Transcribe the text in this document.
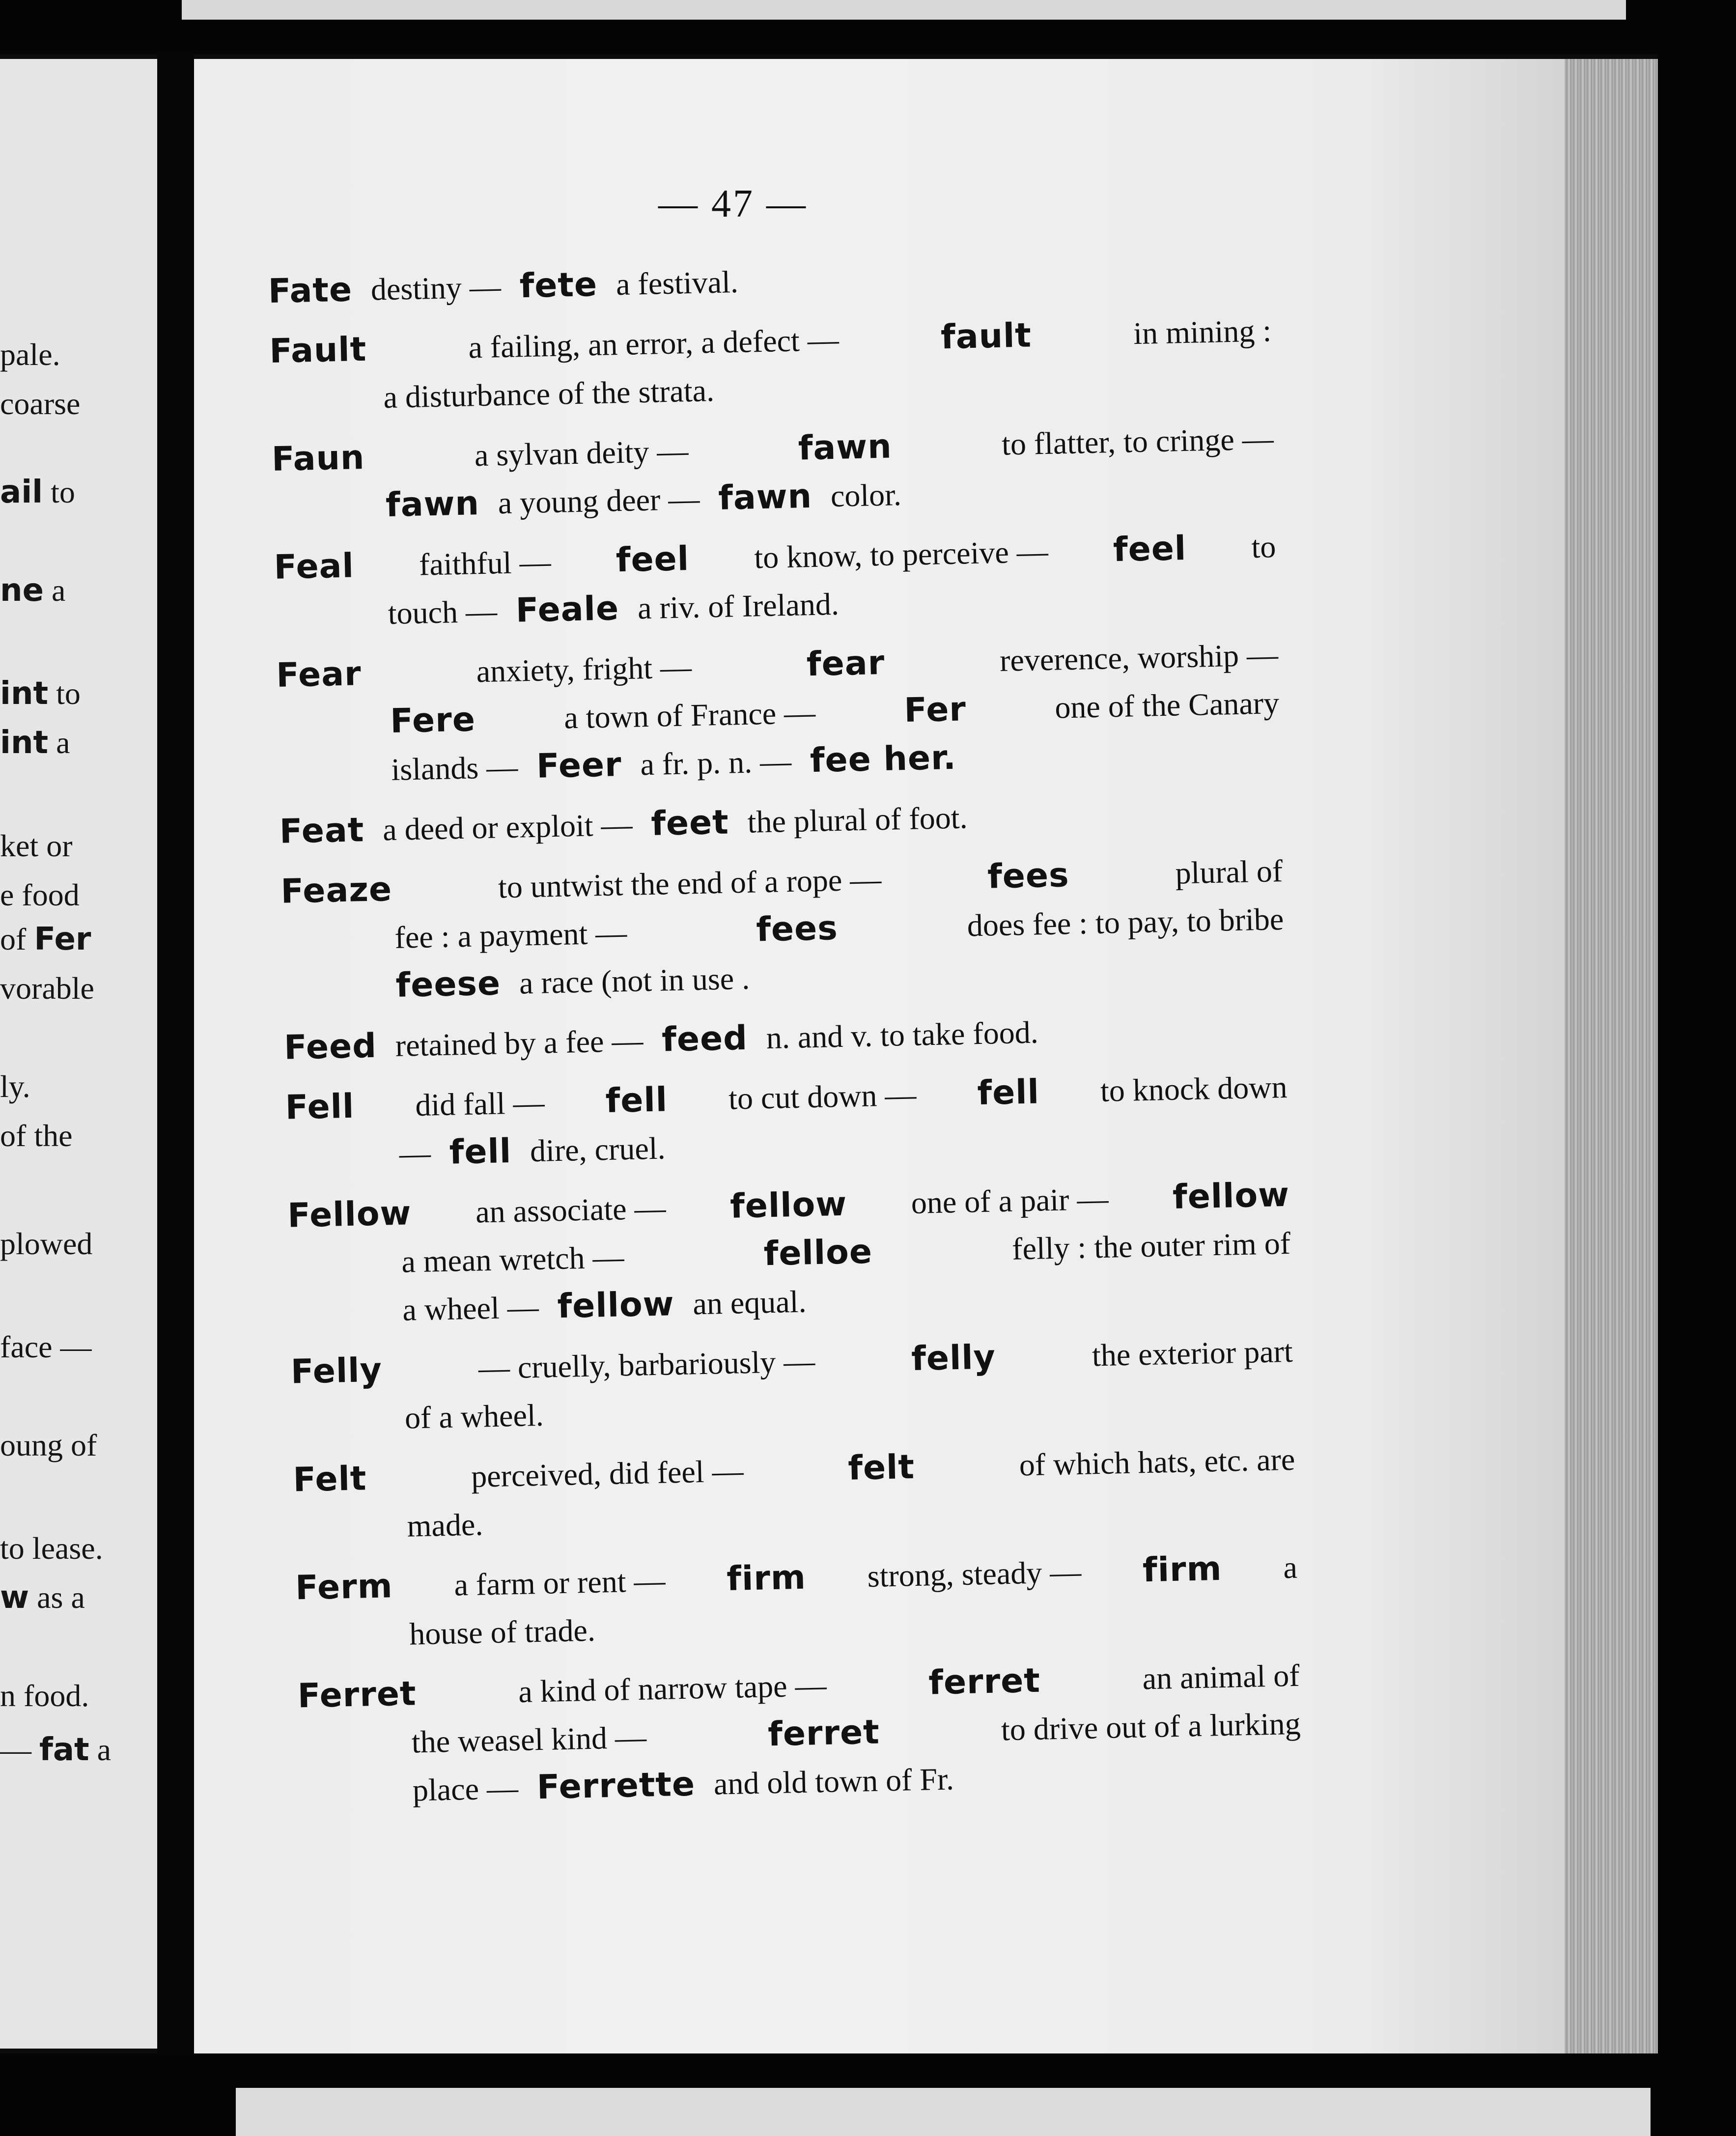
pale.
coarse
ail to
ne a
int to
int a
ket or
e food
of Fer
vorable
ly.
of the
plowed
face —
oung of
to lease.
w as a
n food.
— fat a
— 47 —
Fate destiny — fete a festival.
Fault	a failing, an error, a defect —	fault	in mining :
a disturbance of the strata.
Faun	a sylvan deity —	fawn	to flatter, to cringe —
fawn a young deer — fawn color.
Feal faithful — feel to know, to perceive — feel to
touch — Feale a riv. of Ireland.
Fear	anxiety, fright —	fear	reverence, worship —
Fere	a town of France — Fer	one of the Canary
islands — Feer a fr. p. n. — fee her.
Feat a deed or exploit — feet the plural of foot.
Feaze	to untwist the end of a rope —	fees	plural of
fee : a payment —	fees	does fee : to pay, to bribe
feese a race (not in use .
Feed retained by a fee — feed n. and v. to take food.
Fell did fall — fell to cut down — fell to knock down
— fell dire, cruel.
Fellow an associate — fellow one of a pair — fellow
a mean wretch —	felloe	felly : the outer rim of
a wheel — fellow an equal.
Felly	— cruelly, barbariously —	felly	the exterior part
of a wheel.
Felt	perceived, did feel —	felt	of which hats, etc. are
made.
Ferm a farm or rent — firm strong, steady — firm a
house of trade.
Ferret	a kind of narrow tape —	ferret	an animal of
the weasel kind —	ferret	to drive out of a lurking
place — Ferrette and old town of Fr.
